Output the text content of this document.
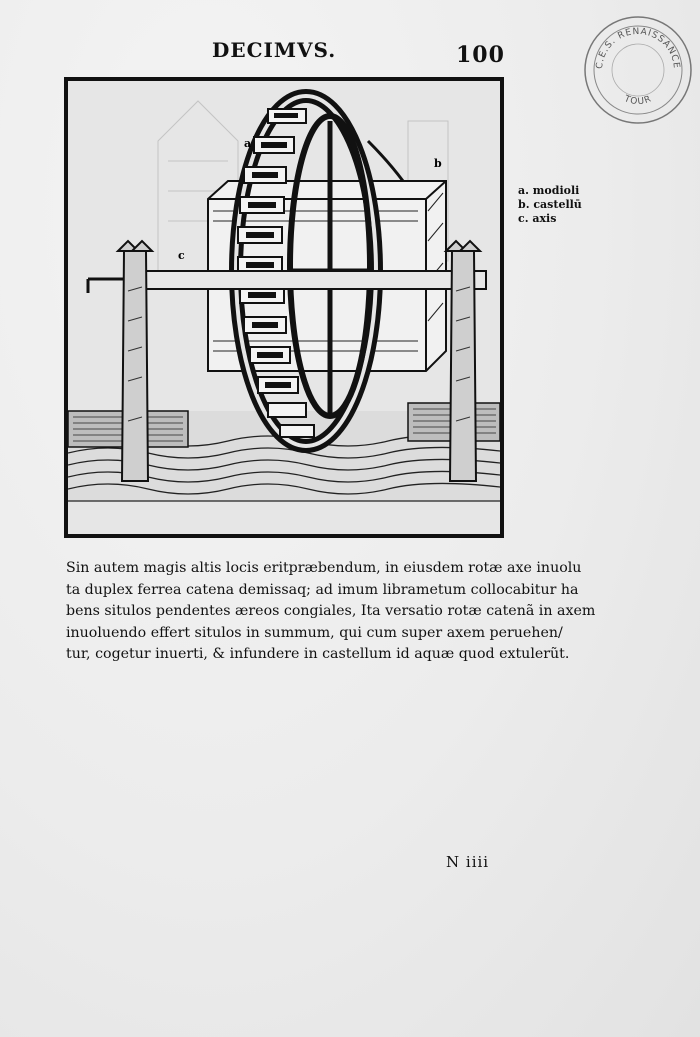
DECIMVS.	100	C.E.S. RENAISSANCE
TOUR
a
b
c
a. modioli
b. castellū
c. axis
Sin autem magis altis locis eritpræbendum, in eiusdem rotæ axe inuolu
ta duplex ferrea catena demissaq; ad imum librametum collocabitur ha
bens situlos pendentes æreos congiales, Ita versatio rotæ catenã in axem
inuoluendo effert situlos in summum, qui cum super axem peruehen/
tur, cogetur inuerti, & infundere in castellum id aquæ quod extulerũt.
N iiii
